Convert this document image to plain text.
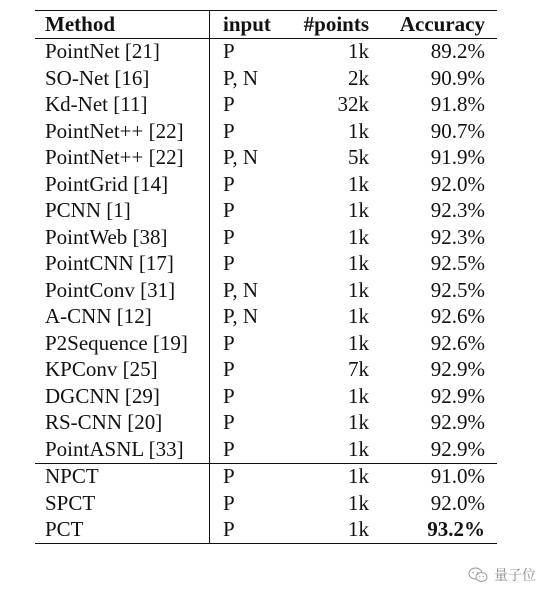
Method	input	#points	Accuracy
PointNet [21]	P	1k	89.2%
SO-Net [16]	P, N	2k	90.9%
Kd-Net [11]	P	32k	91.8%
PointNet++ [22]	P	1k	90.7%
PointNet++ [22]	P, N	5k	91.9%
PointGrid [14]	P	1k	92.0%
PCNN [1]	P	1k	92.3%
PointWeb [38]	P	1k	92.3%
PointCNN [17]	P	1k	92.5%
PointConv [31]	P, N	1k	92.5%
A-CNN [12]	P, N	1k	92.6%
P2Sequence [19]	P	1k	92.6%
KPConv [25]	P	7k	92.9%
DGCNN [29]	P	1k	92.9%
RS-CNN [20]	P	1k	92.9%
PointASNL [33]	P	1k	92.9%
NPCT	P	1k	91.0%
SPCT	P	1k	92.0%
PCT	P	1k	93.2%
量子位
